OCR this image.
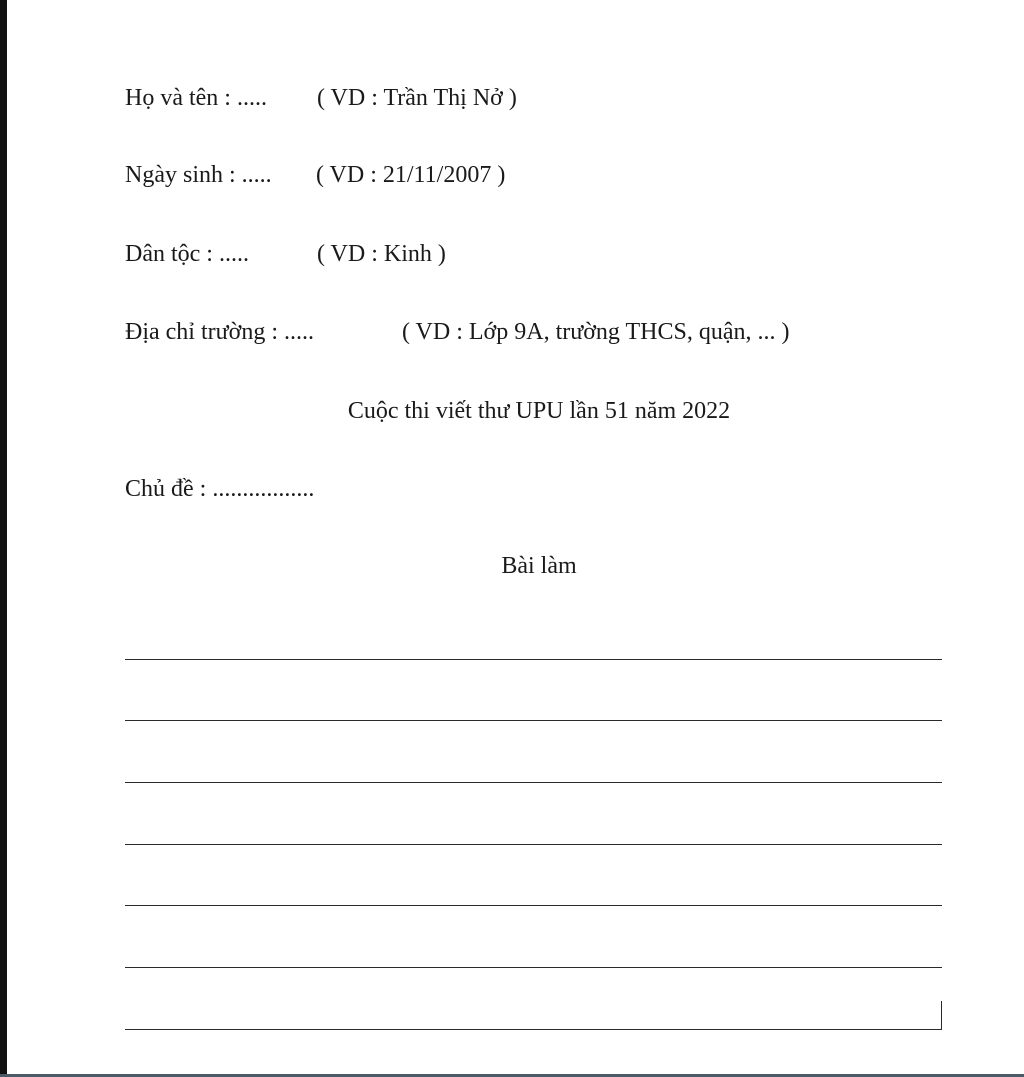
Họ và tên : ..... ( VD : Trần Thị Nở )
Ngày sinh : ..... ( VD : 21/11/2007 )
Dân tộc : .....	( VD : Kinh )
Địa chỉ trường : .....	( VD : Lớp 9A, trường THCS, quận, ... )
Cuộc thi viết thư UPU lần 51 năm 2022
Chủ đề : .................
Bài làm
